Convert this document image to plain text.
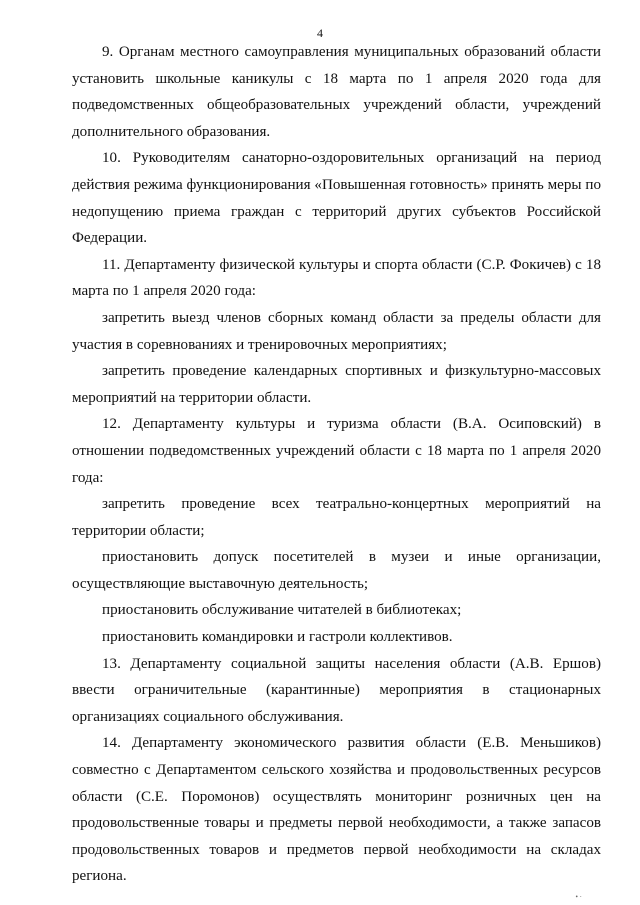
4

9. Органам местного самоуправления муниципальных образований области установить школьные каникулы с 18 марта по 1 апреля 2020 года для подведомственных общеобразовательных учреждений области, учреждений дополнительного образования.

10. Руководителям санаторно-оздоровительных организаций на период действия режима функционирования «Повышенная готовность» принять меры по недопущению приема граждан с территорий других субъектов Российской Федерации.

11. Департаменту физической культуры и спорта области (С.Р. Фокичев) с 18 марта по 1 апреля 2020 года:

запретить выезд членов сборных команд области за пределы области для участия в соревнованиях и тренировочных мероприятиях;

запретить проведение календарных спортивных и физкультурно-массовых мероприятий на территории области.

12. Департаменту культуры и туризма области (В.А. Осиповский) в отношении подведомственных учреждений области с 18 марта по 1 апреля 2020 года:

запретить проведение всех театрально-концертных мероприятий на территории области;

приостановить допуск посетителей в музеи и иные организации, осуществляющие выставочную деятельность;

приостановить обслуживание читателей в библиотеках;

приостановить командировки и гастроли коллективов.

13. Департаменту социальной защиты населения области (А.В. Ершов) ввести ограничительные (карантинные) мероприятия в стационарных организациях социального обслуживания.

14. Департаменту экономического развития области (Е.В. Меньшиков) совместно с Департаментом сельского хозяйства и продовольственных ресурсов области (С.Е. Поромонов) осуществлять мониторинг розничных цен на продовольственные товары и предметы первой необходимости, а также запасов продовольственных товаров и предметов первой необходимости на складах региона.

• ·
